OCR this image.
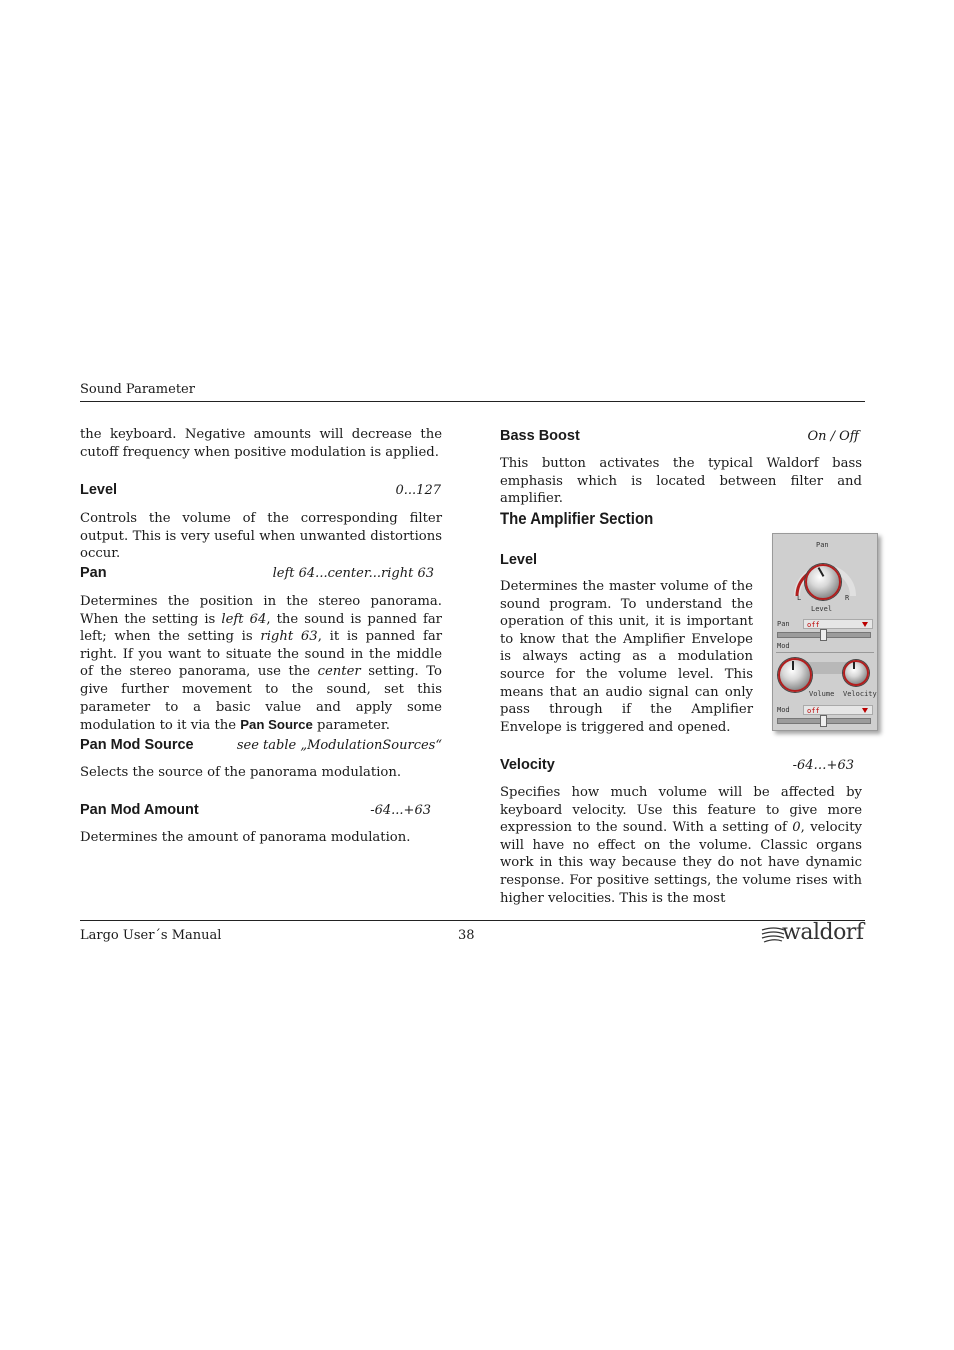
Sound Parameter
the keyboard. Negative amounts will decrease the cutoff frequency when positive modulation is applied.
Level	0...127
Controls the volume of the corresponding filter output. This is very useful when unwanted distortions occur.
Pan	left 64...center...right 63
Determines the position in the stereo panorama. When the setting is left 64, the sound is panned far left; when the setting is right 63, it is panned far right. If you want to situate the sound in the middle of the stereo panorama, use the center setting. To give further movement to the sound, set this parameter to a basic value and apply some modulation to it via the Pan Source parameter.
Pan Mod Source	see table „ModulationSources“
Selects the source of the panorama modulation.
Pan Mod Amount	-64...+63
Determines the amount of panorama modulation.
Bass Boost	On / Off
This button activates the typical Waldorf bass emphasis which is located between filter and amplifier.
The Amplifier Section
Level
Determines the master volume of the sound program. To understand the operation of this unit, it is important to know that the Amplifier Envelope is always acting as a modulation source for the volume level. This means that an audio signal can only pass through if the Amplifier Envelope is triggered and opened.
Pan
L	R
Level
Pan	off
Mod
Volume Velocity
Mod	off
Velocity	-64…+63
Specifies how much volume will be affected by keyboard velocity. Use this feature to give more expression to the sound. With a setting of 0, velocity will have no effect on the volume. Classic organs work in this way because they do not have dynamic response. For positive settings, the volume rises with higher velocities. This is the most
Largo User´s Manual	38	waldorf
